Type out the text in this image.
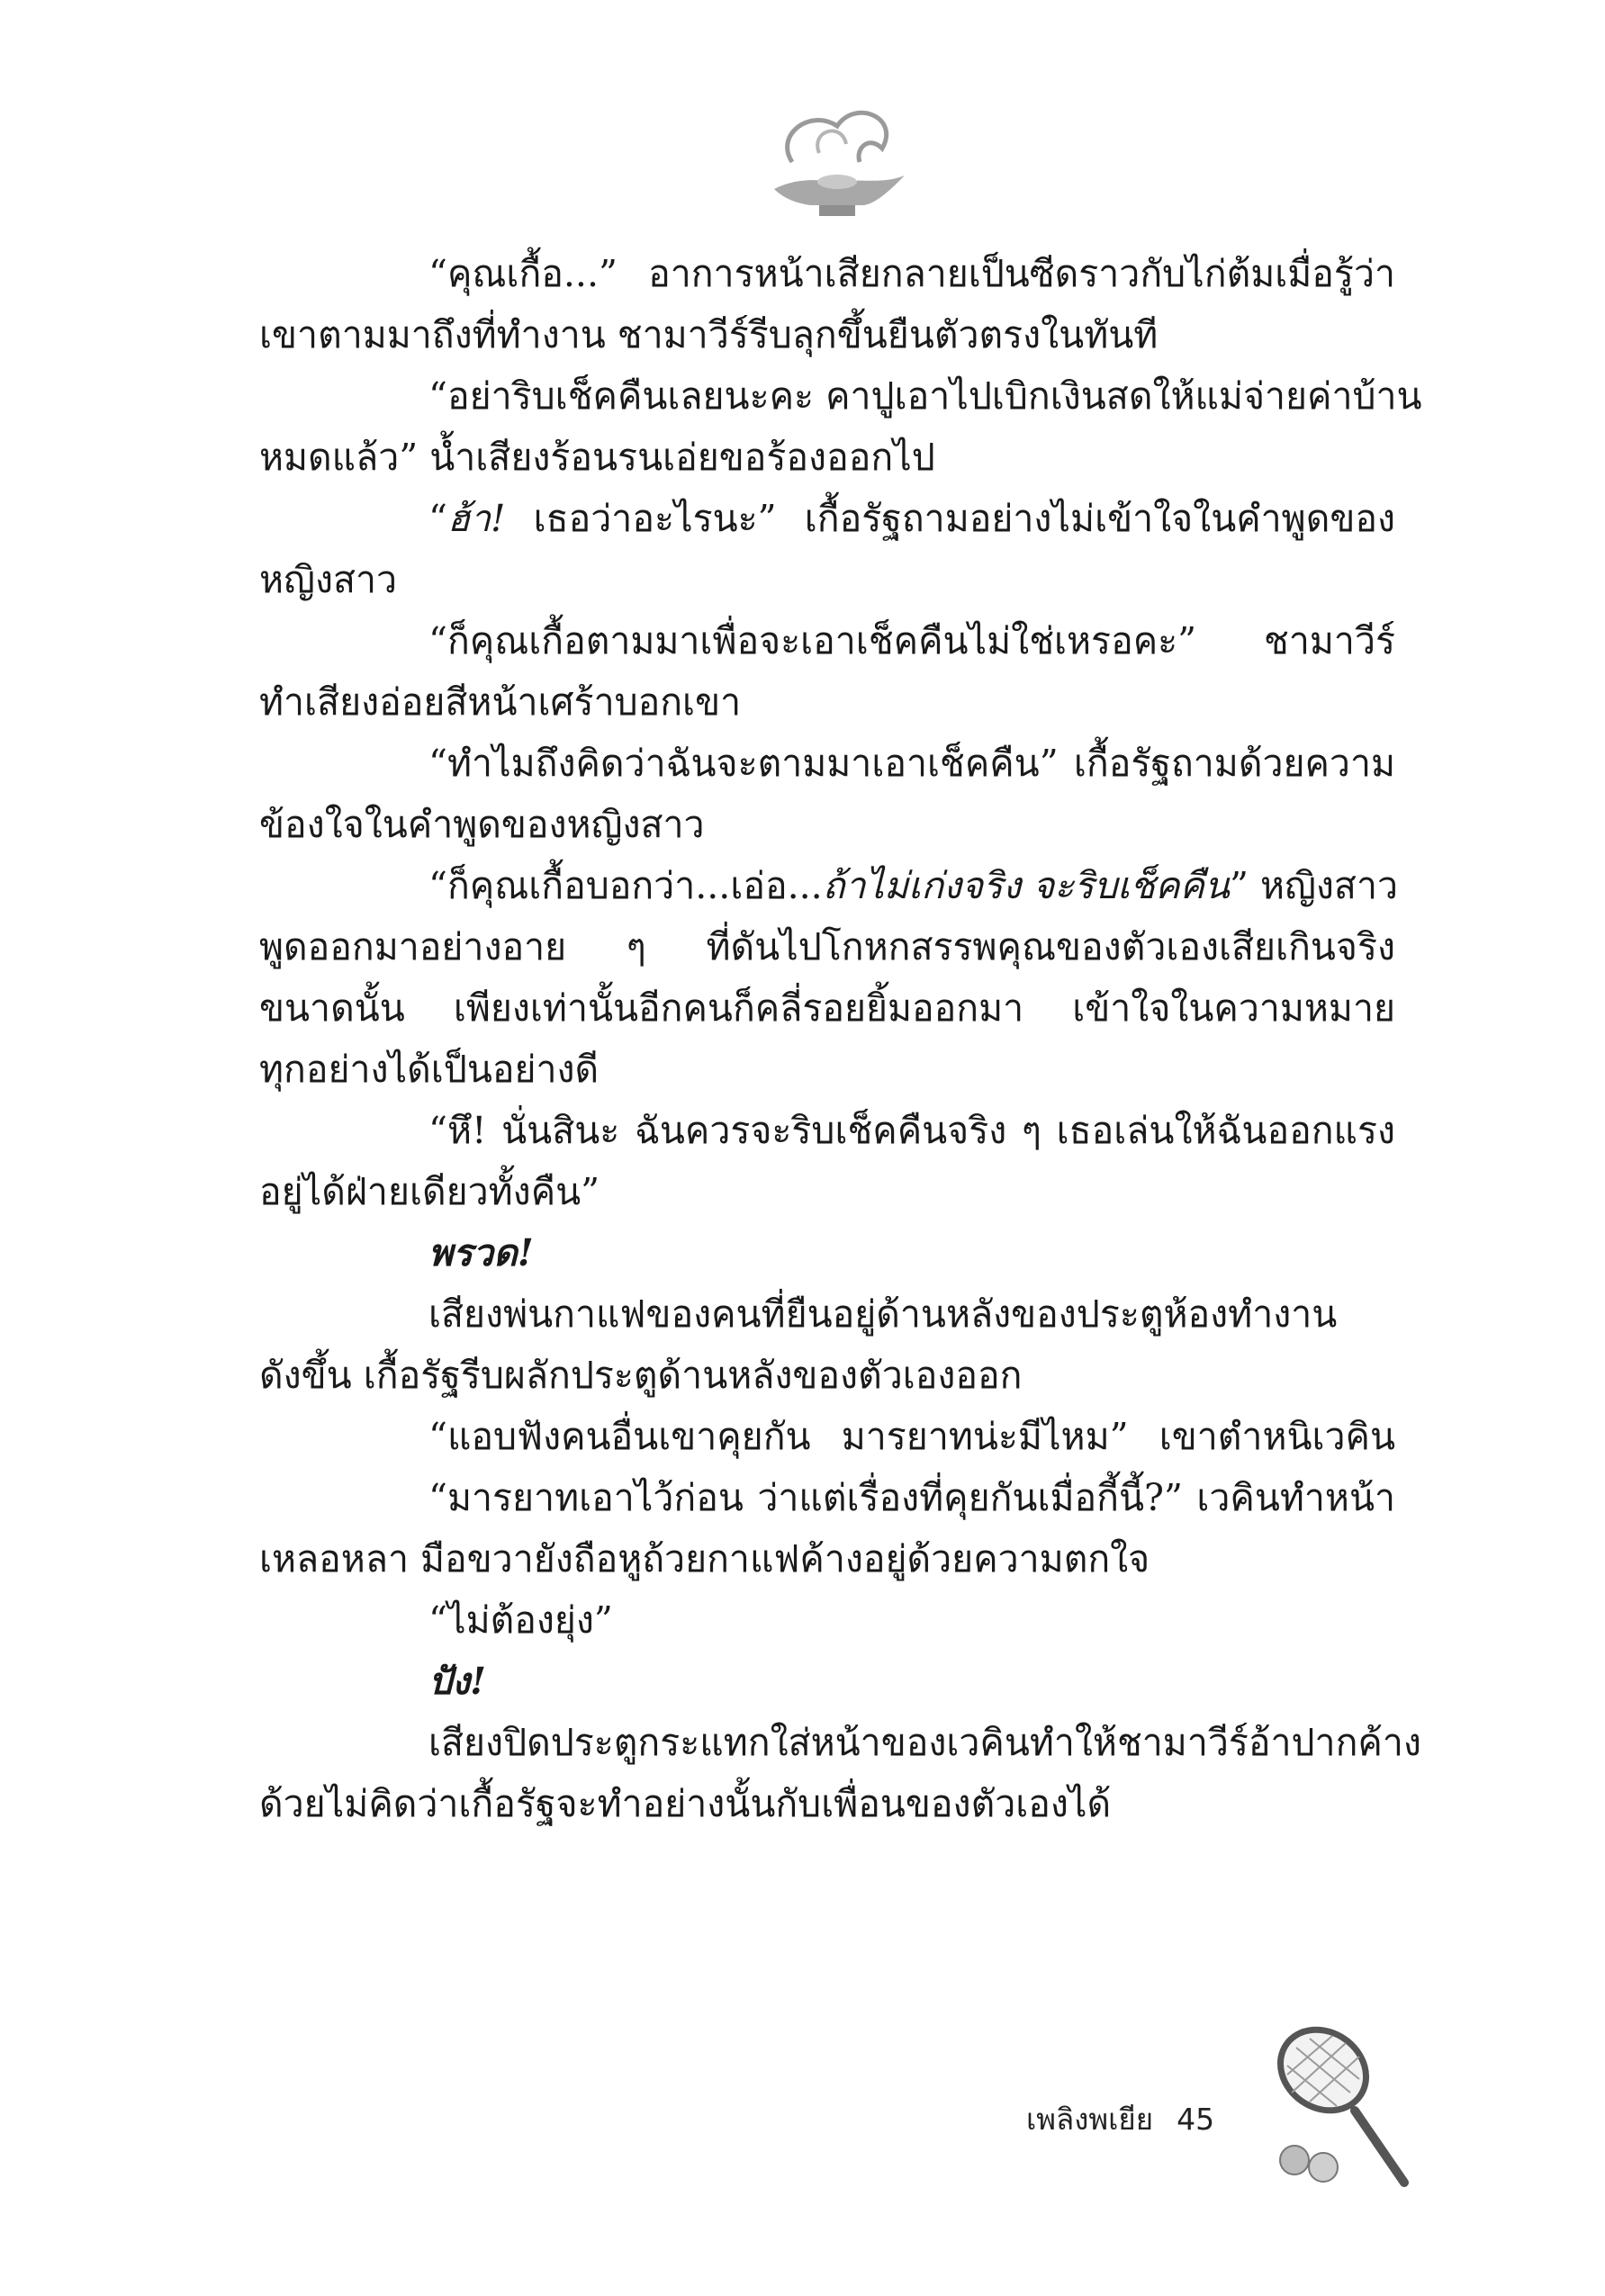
“คุณเกื้อ...” อาการหน้าเสียกลายเป็นซีดราวกับไก่ต้มเมื่อรู้ว่า
เขาตามมาถึงที่ทำงาน ชามาวีร์รีบลุกขึ้นยืนตัวตรงในทันที
“อย่าริบเช็คคืนเลยนะคะ คาปูเอาไปเบิกเงินสดให้แม่จ่ายค่าบ้าน
หมดแล้ว” น้ำเสียงร้อนรนเอ่ยขอร้องออกไป
“ฮ้า! เธอว่าอะไรนะ” เกื้อรัฐถามอย่างไม่เข้าใจในคำพูดของ
หญิงสาว
“ก็คุณเกื้อตามมาเพื่อจะเอาเช็คคืนไม่ใช่เหรอคะ” ชามาวีร์
ทำเสียงอ่อยสีหน้าเศร้าบอกเขา
“ทำไมถึงคิดว่าฉันจะตามมาเอาเช็คคืน” เกื้อรัฐถามด้วยความ
ข้องใจในคำพูดของหญิงสาว
“ก็คุณเกื้อบอกว่า...เอ่อ...ถ้าไม่เก่งจริง จะริบเช็คคืน” หญิงสาว
พูดออกมาอย่างอาย ๆ ที่ดันไปโกหกสรรพคุณของตัวเองเสียเกินจริง
ขนาดนั้น เพียงเท่านั้นอีกคนก็คลี่รอยยิ้มออกมา เข้าใจในความหมาย
ทุกอย่างได้เป็นอย่างดี
“หึ! นั่นสินะ ฉันควรจะริบเช็คคืนจริง ๆ เธอเล่นให้ฉันออกแรง
อยู่ได้ฝ่ายเดียวทั้งคืน”
พรวด!
เสียงพ่นกาแฟของคนที่ยืนอยู่ด้านหลังของประตูห้องทำงาน
ดังขึ้น เกื้อรัฐรีบผลักประตูด้านหลังของตัวเองออก
“แอบฟังคนอื่นเขาคุยกัน มารยาทน่ะมีไหม” เขาตำหนิเวคิน
“มารยาทเอาไว้ก่อน ว่าแต่เรื่องที่คุยกันเมื่อกี้นี้?” เวคินทำหน้า
เหลอหลา มือขวายังถือหูถ้วยกาแฟค้างอยู่ด้วยความตกใจ
“ไม่ต้องยุ่ง”
ปัง!
เสียงปิดประตูกระแทกใส่หน้าของเวคินทำให้ชามาวีร์อ้าปากค้าง
ด้วยไม่คิดว่าเกื้อรัฐจะทำอย่างนั้นกับเพื่อนของตัวเองได้
เพลิงพเยีย 45
